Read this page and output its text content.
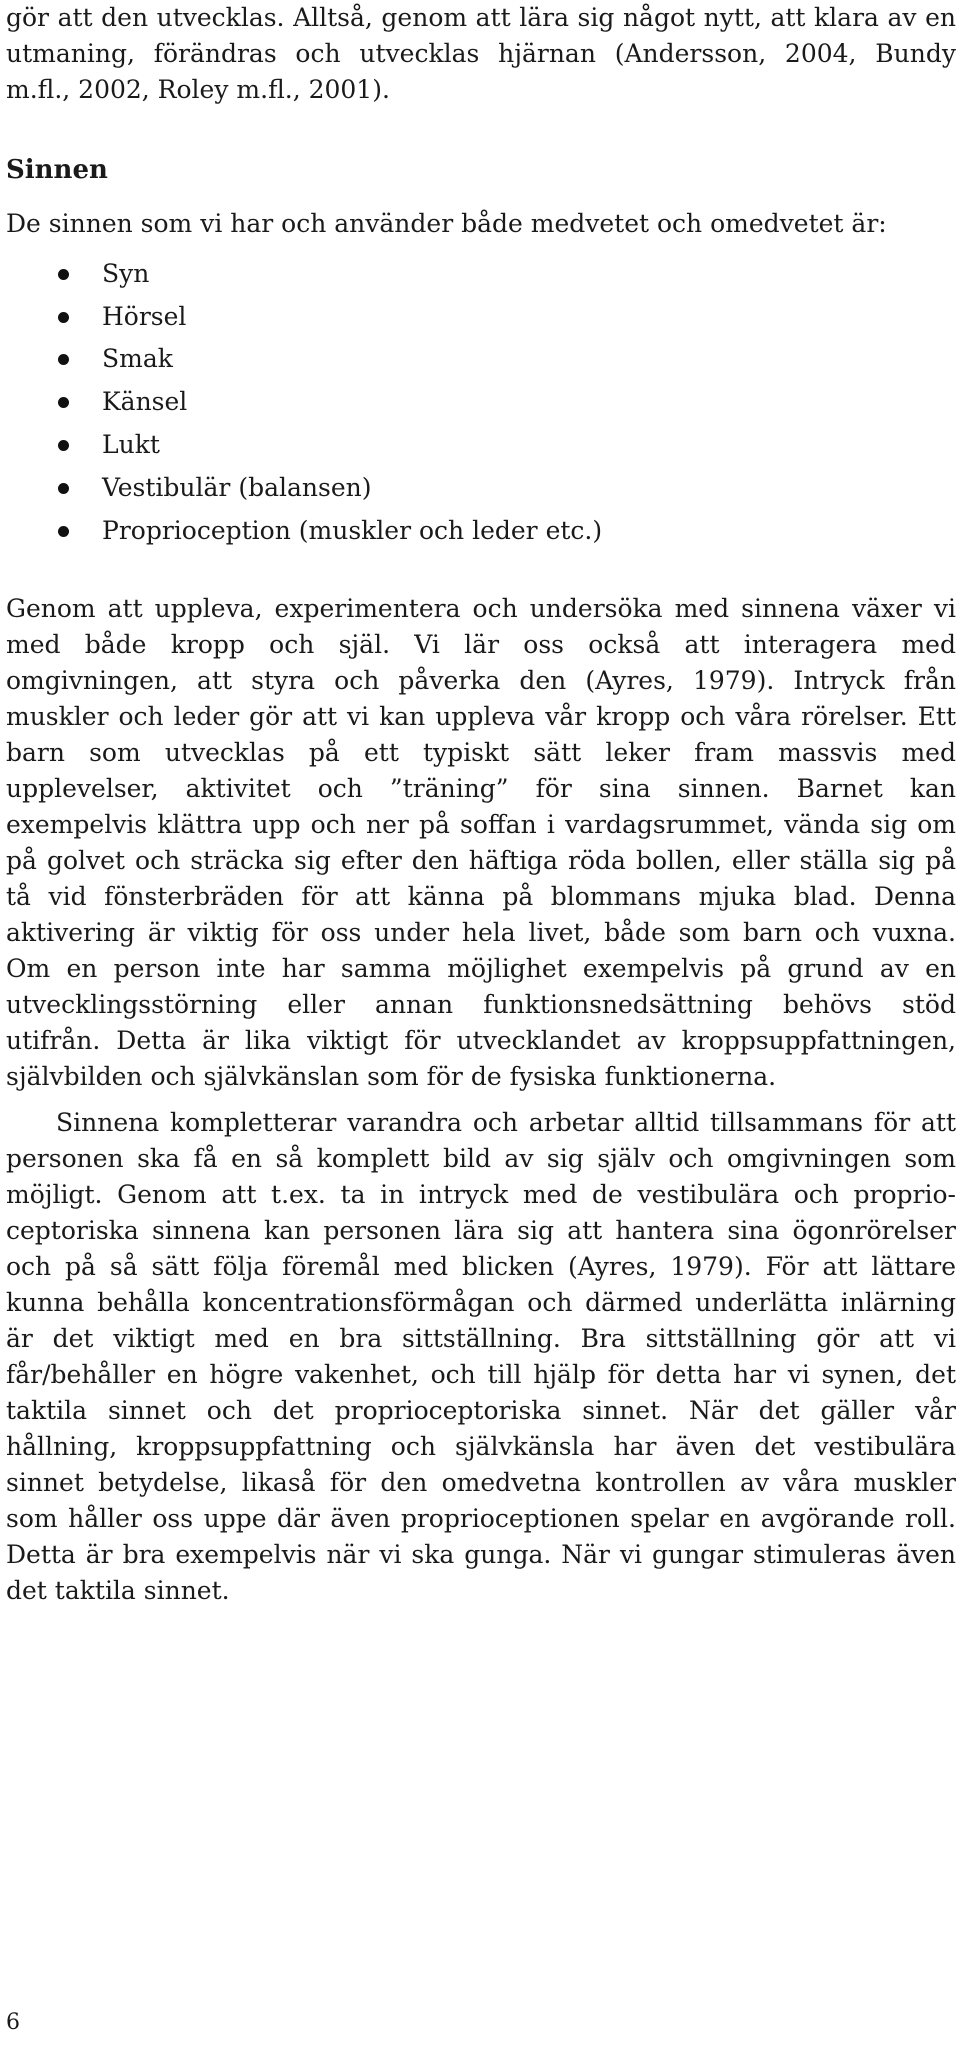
gör att den utvecklas. Alltså, genom att lära sig något nytt, att klara av en
utmaning, förändras och utvecklas hjärnan (Andersson, 2004, Bundy
m.fl., 2002, Roley m.fl., 2001).
Sinnen
De sinnen som vi har och använder både medvetet och omedvetet är:
Syn
Hörsel
Smak
Känsel
Lukt
Vestibulär (balansen)
Proprioception (muskler och leder etc.)
Genom att uppleva, experimentera och undersöka med sinnena växer vi
med både kropp och själ. Vi lär oss också att interagera med
omgivningen, att styra och påverka den (Ayres, 1979). Intryck från
muskler och leder gör att vi kan uppleva vår kropp och våra rörelser. Ett
barn som utvecklas på ett typiskt sätt leker fram massvis med
upplevelser, aktivitet och ”träning” för sina sinnen. Barnet kan
exempelvis klättra upp och ner på soffan i vardagsrummet, vända sig om
på golvet och sträcka sig efter den häftiga röda bollen, eller ställa sig på
tå vid fönsterbräden för att känna på blommans mjuka blad. Denna
aktivering är viktig för oss under hela livet, både som barn och vuxna.
Om en person inte har samma möjlighet exempelvis på grund av en
utvecklingsstörning eller annan funktionsnedsättning behövs stöd
utifrån. Detta är lika viktigt för utvecklandet av kroppsuppfattningen,
självbilden och självkänslan som för de fysiska funktionerna.
Sinnena kompletterar varandra och arbetar alltid tillsammans för att
personen ska få en så komplett bild av sig själv och omgivningen som
möjligt. Genom att t.ex. ta in intryck med de vestibulära och proprio-
ceptoriska sinnena kan personen lära sig att hantera sina ögonrörelser
och på så sätt följa föremål med blicken (Ayres, 1979). För att lättare
kunna behålla koncentrationsförmågan och därmed underlätta inlärning
är det viktigt med en bra sittställning. Bra sittställning gör att vi
får/behåller en högre vakenhet, och till hjälp för detta har vi synen, det
taktila sinnet och det proprioceptoriska sinnet. När det gäller vår
hållning, kroppsuppfattning och självkänsla har även det vestibulära
sinnet betydelse, likaså för den omedvetna kontrollen av våra muskler
som håller oss uppe där även proprioceptionen spelar en avgörande roll.
Detta är bra exempelvis när vi ska gunga. När vi gungar stimuleras även
det taktila sinnet.
6
